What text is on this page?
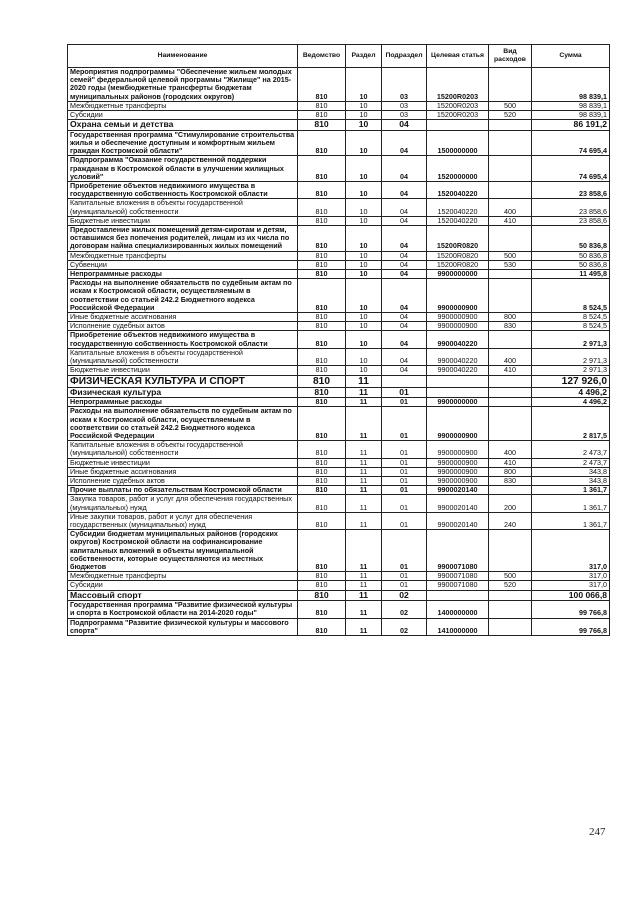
Наименование	Ведомство	Раздел	Подраздел	Целевая статья	Вид расходов	Сумма
Мероприятия подпрограммы "Обеспечение жильем молодых семей" федеральной целевой программы "Жилище" на 2015-2020 годы (межбюджетные трансферты бюджетам муниципальных районов (городских округов)	810	10	03	15200R0203		98 839,1
Межбюджетные трансферты	810	10	03	15200R0203	500	98 839,1
Субсидии	810	10	03	15200R0203	520	98 839,1
Охрана семьи и детства	810	10	04			86 191,2
Государственная программа "Стимулирование строительства жилья и обеспечение доступным и комфортным жильем граждан Костромской области"	810	10	04	1500000000		74 695,4
Подпрограмма "Оказание государственной поддержки гражданам в Костромской области в улучшении жилищных условий"	810	10	04	1520000000		74 695,4
Приобретение объектов недвижимого имущества в государственную собственность Костромской области	810	10	04	1520040220		23 858,6
Капитальные вложения в объекты государственной (муниципальной) собственности	810	10	04	1520040220	400	23 858,6
Бюджетные инвестиции	810	10	04	1520040220	410	23 858,6
Предоставление жилых помещений детям-сиротам и детям, оставшимся без попечения родителей, лицам из их числа по договорам найма специализированных жилых помещений	810	10	04	15200R0820		50 836,8
Межбюджетные трансферты	810	10	04	15200R0820	500	50 836,8
Субвенции	810	10	04	15200R0820	530	50 836,8
Непрограммные расходы	810	10	04	9900000000		11 495,8
Расходы на выполнение обязательств по судебным актам по искам к Костромской области, осуществляемым в соответствии со статьей 242.2 Бюджетного кодекса Российской Федерации	810	10	04	9900000900		8 524,5
Иные бюджетные ассигнования	810	10	04	9900000900	800	8 524,5
Исполнение судебных актов	810	10	04	9900000900	830	8 524,5
Приобретение объектов недвижимого имущества в государственную собственность Костромской области	810	10	04	9900040220		2 971,3
Капитальные вложения в объекты государственной (муниципальной) собственности	810	10	04	9900040220	400	2 971,3
Бюджетные инвестиции	810	10	04	9900040220	410	2 971,3
ФИЗИЧЕСКАЯ КУЛЬТУРА И СПОРТ	810	11				127 926,0
Физическая культура	810	11	01			4 496,2
Непрограммные расходы	810	11	01	9900000000		4 496,2
Расходы на выполнение обязательств по судебным актам по искам к Костромской области, осуществляемым в соответствии со статьей 242.2 Бюджетного кодекса Российской Федерации	810	11	01	9900000900		2 817,5
Капитальные вложения в объекты государственной (муниципальной) собственности	810	11	01	9900000900	400	2 473,7
Бюджетные инвестиции	810	11	01	9900000900	410	2 473,7
Иные бюджетные ассигнования	810	11	01	9900000900	800	343,8
Исполнение судебных актов	810	11	01	9900000900	830	343,8
Прочие выплаты по обязательствам Костромской области	810	11	01	9900020140		1 361,7
Закупка товаров, работ и услуг для обеспечения государственных (муниципальных) нужд	810	11	01	9900020140	200	1 361,7
Иные закупки товаров, работ и услуг для обеспечения государственных (муниципальных) нужд	810	11	01	9900020140	240	1 361,7
Субсидии бюджетам муниципальных районов (городских округов) Костромской области на софинансирование капитальных вложений в объекты муниципальной собственности, которые осуществляются из местных бюджетов	810	11	01	9900071080		317,0
Межбюджетные трансферты	810	11	01	9900071080	500	317,0
Субсидии	810	11	01	9900071080	520	317,0
Массовый спорт	810	11	02			100 066,8
Государственная программа "Развитие физической культуры и спорта в Костромской области на 2014-2020 годы"	810	11	02	1400000000		99 766,8
Подпрограмма "Развитие физической культуры и массового спорта"	810	11	02	1410000000		99 766,8
247
